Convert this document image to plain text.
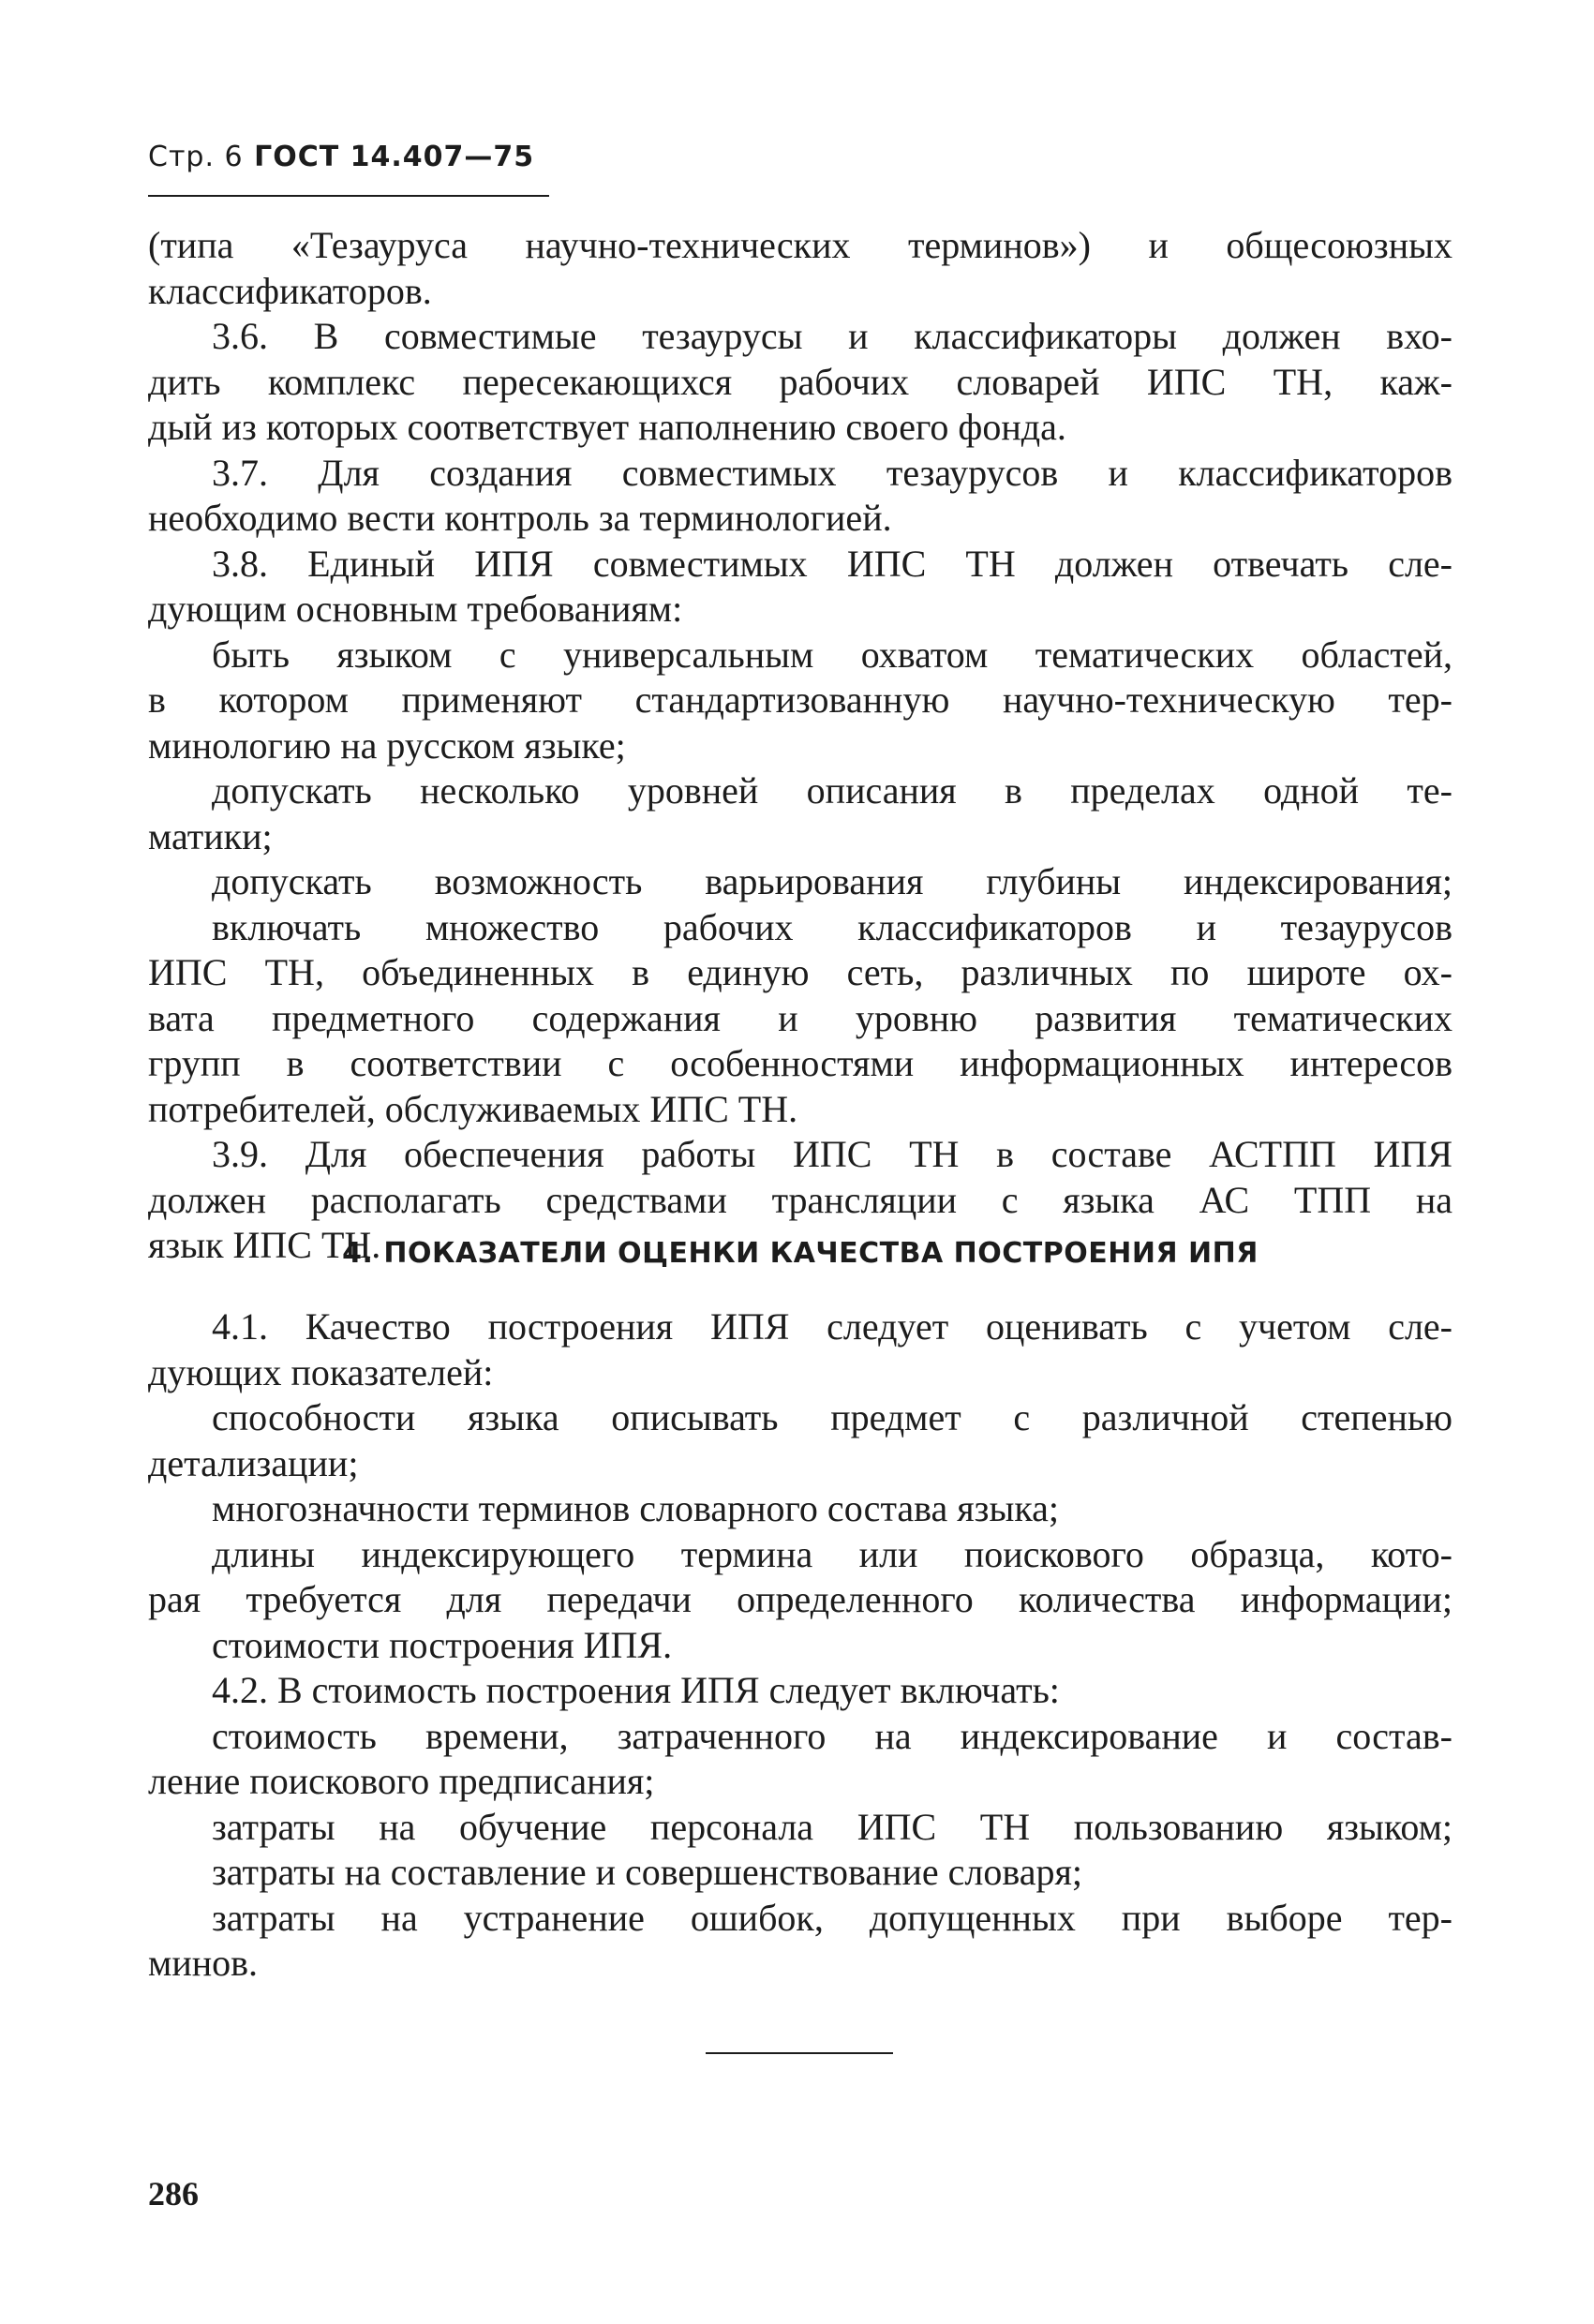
Стр. 6 ГОСТ 14.407—75
(типа «Тезауруса научно-технических терминов») и общесоюзных
классификаторов.
3.6. В совместимые тезаурусы и классификаторы должен вхо-
дить комплекс пересекающихся рабочих словарей ИПС ТН, каж-
дый из которых соответствует наполнению своего фонда.
3.7. Для создания совместимых тезаурусов и классификаторов
необходимо вести контроль за терминологией.
3.8. Единый ИПЯ совместимых ИПС ТН должен отвечать сле-
дующим основным требованиям:
быть языком с универсальным охватом тематических областей,
в котором применяют стандартизованную научно-техническую тер-
минологию на русском языке;
допускать несколько уровней описания в пределах одной те-
матики;
допускать возможность варьирования глубины индексирования;
включать множество рабочих классификаторов и тезаурусов
ИПС ТН, объединенных в единую сеть, различных по широте ох-
вата предметного содержания и уровню развития тематических
групп в соответствии с особенностями информационных интересов
потребителей, обслуживаемых ИПС ТН.
3.9. Для обеспечения работы ИПС ТН в составе АСТПП ИПЯ
должен располагать средствами трансляции с языка АС ТПП на
язык ИПС ТН.
4. ПОКАЗАТЕЛИ ОЦЕНКИ КАЧЕСТВА ПОСТРОЕНИЯ ИПЯ
4.1. Качество построения ИПЯ следует оценивать с учетом сле-
дующих показателей:
способности языка описывать предмет с различной степенью
детализации;
многозначности терминов словарного состава языка;
длины индексирующего термина или поискового образца, кото-
рая требуется для передачи определенного количества информации;
стоимости построения ИПЯ.
4.2. В стоимость построения ИПЯ следует включать:
стоимость времени, затраченного на индексирование и состав-
ление поискового предписания;
затраты на обучение персонала ИПС ТН пользованию языком;
затраты на составление и совершенствование словаря;
затраты на устранение ошибок, допущенных при выборе тер-
минов.
286
